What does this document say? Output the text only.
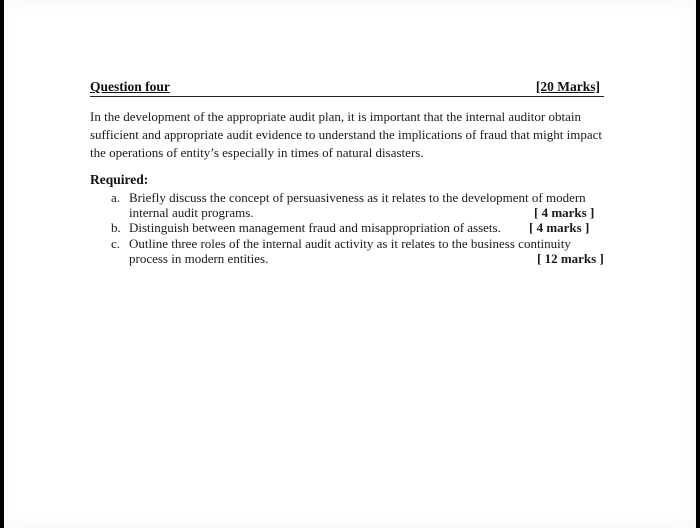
Question four	[20 Marks]
In the development of the appropriate audit plan, it is important that the internal auditor obtain sufficient and appropriate audit evidence to understand the implications of fraud that might impact the operations of entity’s especially in times of natural disasters.
Required:
a. Briefly discuss the concept of persuasiveness as it relates to the development of modern
internal audit programs.	[ 4 marks ]
b. Distinguish between management fraud and misappropriation of assets. [ 4 marks ]
c. Outline three roles of the internal audit activity as it relates to the business continuity
process in modern entities.	[ 12 marks ]
